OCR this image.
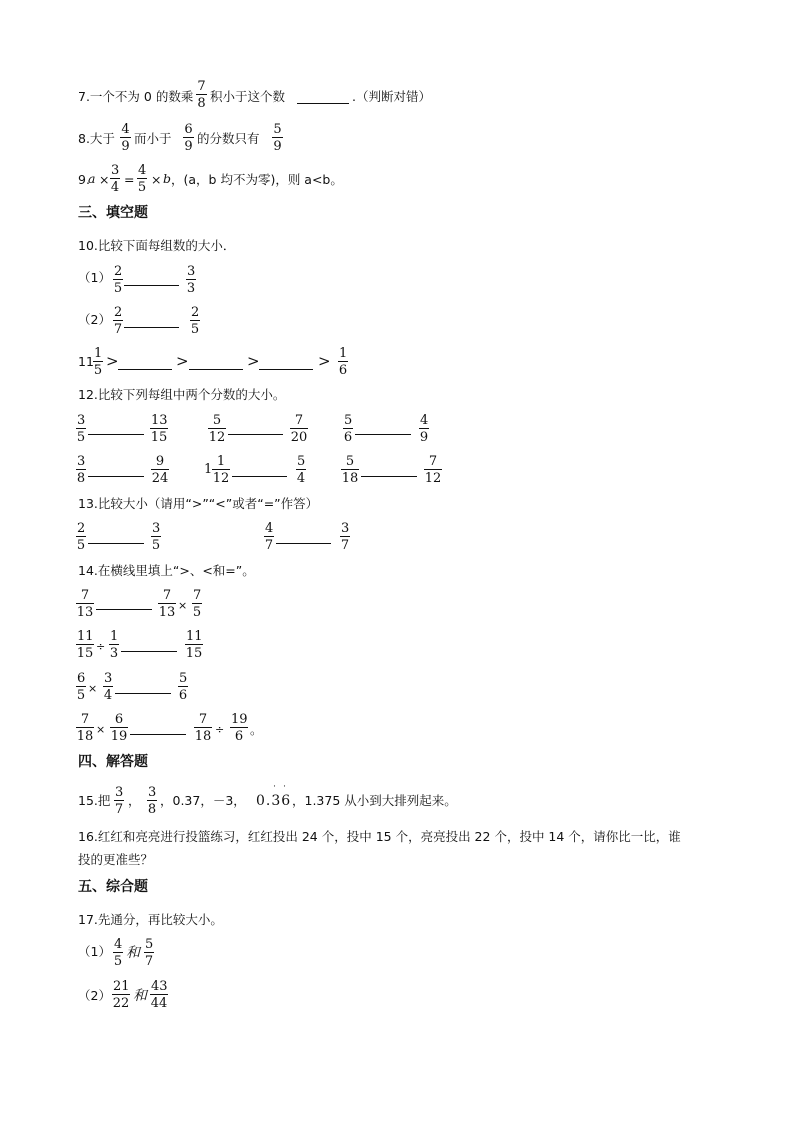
7.一个不为 0 的数乘 $\frac{7}{8}$ 积小于这个数	.（判断对错）
8.大于 $\frac{4}{9}$ 而小于 $\frac{6}{9}$ 的分数只有 $\frac{5}{9}$
9.
$a \times \frac{3}{4} = \frac{4}{5} \times b$ ，(a，b 均不为零)，则 a<b。
三、填空题
10.比较下面每组数的大小．
$(1) \frac{2}{5}$	$\frac{3}{3}$
$(2) \frac{2}{7}$	$\frac{2}{5}$
11.
$\frac{1}{5}$ >	>	>	> $\frac{1}{6}$
12.比较下列每组中两个分数的大小。
$\frac{3}{5}$	$\frac{13}{15}$	$\frac{5}{12}$	$\frac{7}{20}$	$\frac{5}{6}$	$\frac{4}{9}$
$\frac{3}{8}$	$\frac{9}{24}$	$1 \frac{1}{12}$	$\frac{5}{4}$	$\frac{5}{18}$	$\frac{7}{12}$
13.比较大小（请用“>”“<”或者“=”作答）
$\frac{2}{5}$	$\frac{3}{5}$	$\frac{4}{7}$	$\frac{3}{7}$
14.在横线里填上“>、<和=”。
$\frac{7}{13}$	$\frac{7}{13} \times \frac{7}{5}$
$\frac{11}{15} \div \frac{1}{3}$	$\frac{11}{15}$
$\frac{6}{5} \times \frac{3}{4}$	$\frac{5}{6}$
$\frac{7}{18} \times \frac{6}{19}$	$\frac{7}{18} \div \frac{19}{6}$ 。
四、解答题
15.把 $\frac{3}{7}$ ， $\frac{3}{8}$ ，0.37，－3， 0.36
˙ ˙
，1.375 从小到大排列起来。
16.红红和亮亮进行投篮练习，红红投出 24 个，投中 15 个，亮亮投出 22 个，投中 14 个，请你比一比，谁
投的更准些？
五、综合题
17.先通分，再比较大小。
$(1) \frac{4}{5}$ 和 $\frac{5}{7}$
$(2) \frac{21}{22}$ 和 $\frac{43}{44}$
